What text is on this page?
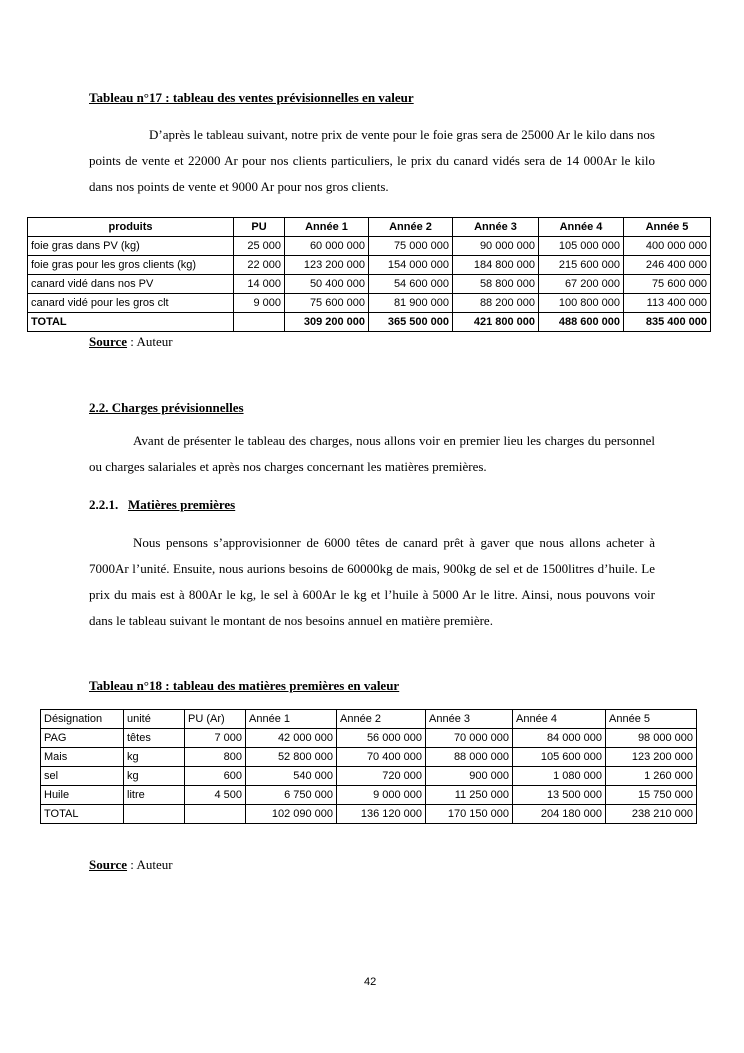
Tableau n°17 : tableau des ventes prévisionnelles en valeur

D’après le tableau suivant, notre prix de vente pour le foie gras sera de 25000 Ar le kilo dans nos points de vente et 22000 Ar pour nos clients particuliers, le prix du canard vidés sera de 14 000Ar le kilo dans nos points de vente et 9000 Ar pour nos gros clients.

produits	PU	Année 1	Année 2	Année 3	Année 4	Année 5
foie gras dans PV (kg)	25 000	60 000 000	75 000 000	90 000 000	105 000 000	400 000 000
foie gras pour les gros clients (kg)	22 000	123 200 000	154 000 000	184 800 000	215 600 000	246 400 000
canard vidé dans nos PV	14 000	50 400 000	54 600 000	58 800 000	67 200 000	75 600 000
canard vidé pour les gros clt	9 000	75 600 000	81 900 000	88 200 000	100 800 000	113 400 000
TOTAL		309 200 000	365 500 000	421 800 000	488 600 000	835 400 000
Source : Auteur
2.2. Charges prévisionnelles

Avant de présenter le tableau des charges, nous allons voir en premier lieu les charges du personnel ou charges salariales et après nos charges concernant les matières premières.

2.2.1. Matières premières

Nous pensons s’approvisionner de 6000 têtes de canard prêt à gaver que nous allons acheter à 7000Ar l’unité. Ensuite, nous aurions besoins de 60000kg de mais, 900kg de sel et de 1500litres d’huile. Le prix du mais est à 800Ar le kg, le sel à 600Ar le kg et l’huile à 5000 Ar le litre. Ainsi, nous pouvons voir dans le tableau suivant le montant de nos besoins annuel en matière première.

Tableau n°18 : tableau des matières premières en valeur
Désignation	unité	PU (Ar)	Année 1	Année 2	Année 3	Année 4	Année 5
PAG	têtes	7 000	42 000 000	56 000 000	70 000 000	84 000 000	98 000 000
Mais	kg	800	52 800 000	70 400 000	88 000 000	105 600 000	123 200 000
sel	kg	600	540 000	720 000	900 000	1 080 000	1 260 000
Huile	litre	4 500	6 750 000	9 000 000	11 250 000	13 500 000	15 750 000
TOTAL			102 090 000	136 120 000	170 150 000	204 180 000	238 210 000
Source : Auteur
42
